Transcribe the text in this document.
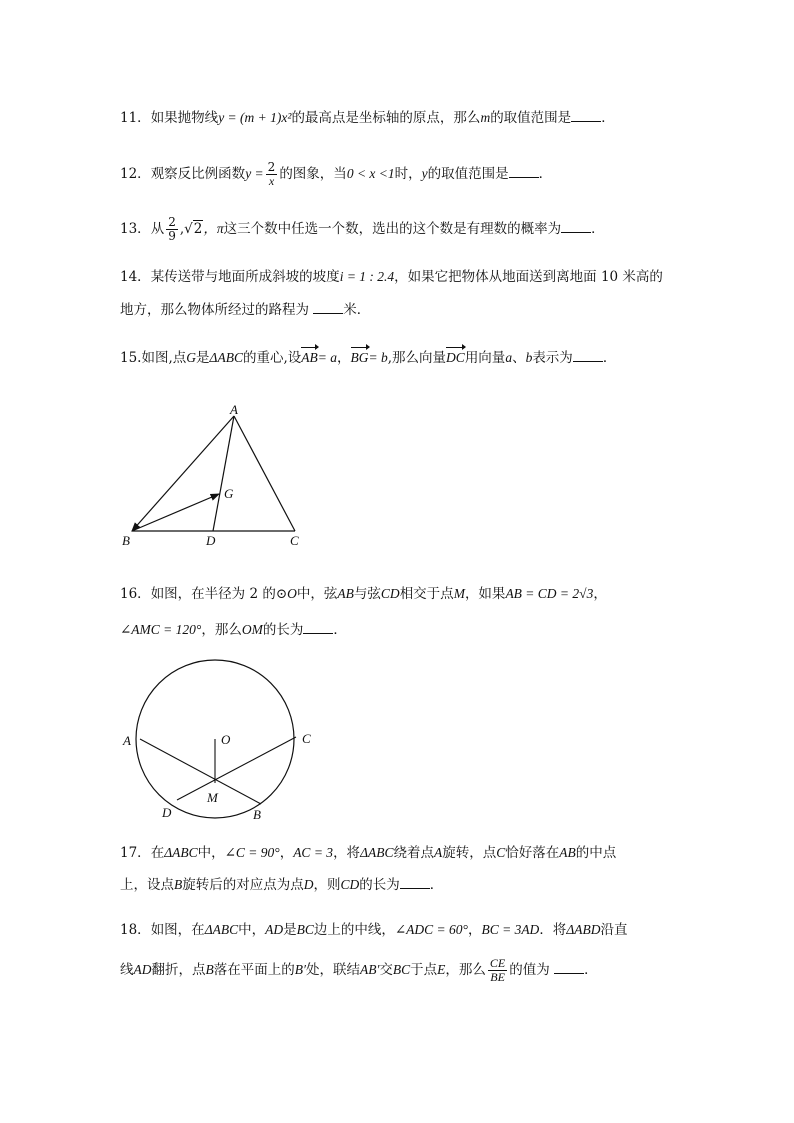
11．如果抛物线y = (m + 1)x²的最高点是坐标轴的原点，那么m的取值范围是 ．
12．观察反比例函数$y = \frac{2}{x}$ 的图象，当0 < x <1时，y的取值范围是 ．
13．从 $\frac{2}{9} ,√2$，π这三个数中任选一个数，选出的这个数是有理数的概率为 ．
14．某传送带与地面所成斜坡的坡度i = 1 : 2.4，如果它把物体从地面送到离地面 10 米高的
地方，那么物体所经过的路程为	米．
15.如图,点G是ΔABC的重心,设AB= a，BG= b,那么向量DC用向量a、b表示为 ．
A
B	C
D
G
16．如图，在半径为 2 的⊙O中，弦AB与弦CD相交于点M，如果AB = CD = 2√3，
∠AMC = 120°，那么OM的长为 ．
A	O	C
M
D	B
17．在ΔABC中，∠C = 90°，AC = 3，将ΔABC绕着点A旋转，点C恰好落在AB的中点
上，设点B旋转后的对应点为点D，则CD的长为 ．
18．如图，在ΔABC中，AD是BC边上的中线，∠ADC = 60°，BC = 3AD．将ΔABD沿直
线AD翻折，点B落在平面上的B′处，联结AB′交BC于点E，那么 $\frac{CE}{BE}$ 的值为	．
